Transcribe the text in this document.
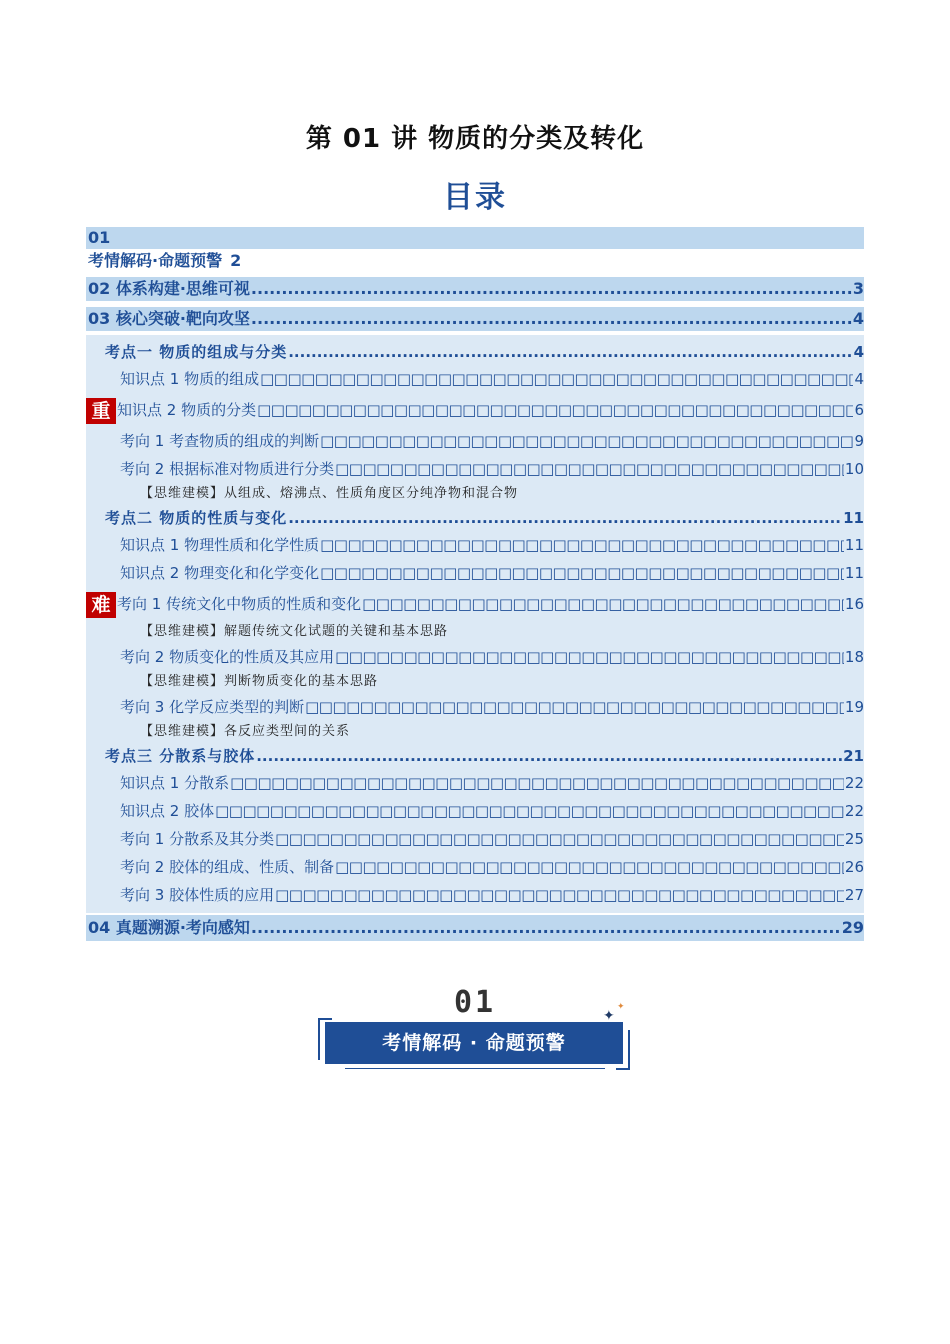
第 01 讲 物质的分类及转化
目录
01
考情解码·命题预警 2
02 体系构建·思维可视 .....	3
03 核心突破·靶向攻坚 .....	4
考点一 物质的组成与分类 .....	4
知识点 1 物质的组成 □□□□□□□□□□□□□□□□□□□□□□□□□□□□□□□□□□□□□□□□□□□□□□□□□□□□□□□□□□□□□□□□□□□□□□□□□□□□□□□□□□□□□□□□□□□□□□□□□□□□□□□□□□□□□□□□□□□□□□□□□□□□□□□□□□□□□□□□□□□□□□□□□□□□□□□□□□□□□□□□□□□□□□□□□□□□□□□□□□□□□□□□□□□□□□□□□□□□	4
重 知识点 2 物质的分类 □□□□□□□□□□□□□□□□□□□□□□□□□□□□□□□□□□□□□□□□□□□□□□□□□□□□□□□□□□□□□□□□□□□□□□□□□□□□□□□□□□□□□□□□□□□□□□□□□□□□□□□□□□□□□□□□□□□□□□□□□□□□□□□□□□□□□□□□□□□□□□□□□□□□□□□□□□□□□□□□□□□□□□□□□□□□□□□□□□□□□□□□□□□□□□□□□□□□	6
考向 1 考查物质的组成的判断 □□□□□□□□□□□□□□□□□□□□□□□□□□□□□□□□□□□□□□□□□□□□□□□□□□□□□□□□□□□□□□□□□□□□□□□□□□□□□□□□□□□□□□□□□□□□□□□□□□□□□□□□□□□□□□□□□□□□□□□□□□□□□□□□□□□□□□□□□□□□□□□□□□□□□□□□□□□□□□□□□□□□□□□□□□□□□□□□□□□□□□□□□□□□□□□□□□□□	9
考向 2 根据标准对物质进行分类 □□□□□□□□□□□□□□□□□□□□□□□□□□□□□□□□□□□□□□□□□□□□□□□□□□□□□□□□□□□□□□□□□□□□□□□□□□□□□□□□□□□□□□□□□□□□□□□□□□□□□□□□□□□□□□□□□□□□□□□□□□□□□□□□□□□□□□□□□□□□□□□□□□□□□□□□□□□□□□□□□□□□□□□□□□□□□□□□□□□□□□□□□□□□□□□□□□□□	10
【思维建模】从组成、熔沸点、性质角度区分纯净物和混合物
考点二 物质的性质与变化 .....	11
知识点 1 物理性质和化学性质 □□□□□□□□□□□□□□□□□□□□□□□□□□□□□□□□□□□□□□□□□□□□□□□□□□□□□□□□□□□□□□□□□□□□□□□□□□□□□□□□□□□□□□□□□□□□□□□□□□□□□□□□□□□□□□□□□□□□□□□□□□□□□□□□□□□□□□□□□□□□□□□□□□□□□□□□□□□□□□□□□□□□□□□□□□□□□□□□□□□□□□□□□□□□□□□□□□□□	11
知识点 2 物理变化和化学变化 □□□□□□□□□□□□□□□□□□□□□□□□□□□□□□□□□□□□□□□□□□□□□□□□□□□□□□□□□□□□□□□□□□□□□□□□□□□□□□□□□□□□□□□□□□□□□□□□□□□□□□□□□□□□□□□□□□□□□□□□□□□□□□□□□□□□□□□□□□□□□□□□□□□□□□□□□□□□□□□□□□□□□□□□□□□□□□□□□□□□□□□□□□□□□□□□□□□□	11
难 考向 1 传统文化中物质的性质和变化 □□□□□□□□□□□□□□□□□□□□□□□□□□□□□□□□□□□□□□□□□□□□□□□□□□□□□□□□□□□□□□□□□□□□□□□□□□□□□□□□□□□□□□□□□□□□□□□□□□□□□□□□□□□□□□□□□□□□□□□□□□□□□□□□□□□□□□□□□□□□□□□□□□□□□□□□□□□□□□□□□□□□□□□□□□□□□□□□□□□□□□□□□□□□□□□□□□□□	16
【思维建模】解题传统文化试题的关键和基本思路
考向 2 物质变化的性质及其应用 □□□□□□□□□□□□□□□□□□□□□□□□□□□□□□□□□□□□□□□□□□□□□□□□□□□□□□□□□□□□□□□□□□□□□□□□□□□□□□□□□□□□□□□□□□□□□□□□□□□□□□□□□□□□□□□□□□□□□□□□□□□□□□□□□□□□□□□□□□□□□□□□□□□□□□□□□□□□□□□□□□□□□□□□□□□□□□□□□□□□□□□□□□□□□□□□□□□□	18
【思维建模】判断物质变化的基本思路
考向 3 化学反应类型的判断 □□□□□□□□□□□□□□□□□□□□□□□□□□□□□□□□□□□□□□□□□□□□□□□□□□□□□□□□□□□□□□□□□□□□□□□□□□□□□□□□□□□□□□□□□□□□□□□□□□□□□□□□□□□□□□□□□□□□□□□□□□□□□□□□□□□□□□□□□□□□□□□□□□□□□□□□□□□□□□□□□□□□□□□□□□□□□□□□□□□□□□□□□□□□□□□□□□□□	19
【思维建模】各反应类型间的关系
考点三 分散系与胶体 .....	21
知识点 1 分散系 □□□□□□□□□□□□□□□□□□□□□□□□□□□□□□□□□□□□□□□□□□□□□□□□□□□□□□□□□□□□□□□□□□□□□□□□□□□□□□□□□□□□□□□□□□□□□□□□□□□□□□□□□□□□□□□□□□□□□□□□□□□□□□□□□□□□□□□□□□□□□□□□□□□□□□□□□□□□□□□□□□□□□□□□□□□□□□□□□□□□□□□□□□□□□□□□□□□□	22
知识点 2 胶体 □□□□□□□□□□□□□□□□□□□□□□□□□□□□□□□□□□□□□□□□□□□□□□□□□□□□□□□□□□□□□□□□□□□□□□□□□□□□□□□□□□□□□□□□□□□□□□□□□□□□□□□□□□□□□□□□□□□□□□□□□□□□□□□□□□□□□□□□□□□□□□□□□□□□□□□□□□□□□□□□□□□□□□□□□□□□□□□□□□□□□□□□□□□□□□□□□□□□	22
考向 1 分散系及其分类 □□□□□□□□□□□□□□□□□□□□□□□□□□□□□□□□□□□□□□□□□□□□□□□□□□□□□□□□□□□□□□□□□□□□□□□□□□□□□□□□□□□□□□□□□□□□□□□□□□□□□□□□□□□□□□□□□□□□□□□□□□□□□□□□□□□□□□□□□□□□□□□□□□□□□□□□□□□□□□□□□□□□□□□□□□□□□□□□□□□□□□□□□□□□□□□□□□□□	25
考向 2 胶体的组成、性质、制备 □□□□□□□□□□□□□□□□□□□□□□□□□□□□□□□□□□□□□□□□□□□□□□□□□□□□□□□□□□□□□□□□□□□□□□□□□□□□□□□□□□□□□□□□□□□□□□□□□□□□□□□□□□□□□□□□□□□□□□□□□□□□□□□□□□□□□□□□□□□□□□□□□□□□□□□□□□□□□□□□□□□□□□□□□□□□□□□□□□□□□□□□□□□□□□□□□□□□	26
考向 3 胶体性质的应用 □□□□□□□□□□□□□□□□□□□□□□□□□□□□□□□□□□□□□□□□□□□□□□□□□□□□□□□□□□□□□□□□□□□□□□□□□□□□□□□□□□□□□□□□□□□□□□□□□□□□□□□□□□□□□□□□□□□□□□□□□□□□□□□□□□□□□□□□□□□□□□□□□□□□□□□□□□□□□□□□□□□□□□□□□□□□□□□□□□□□□□□□□□□□□□□□□□□□	27
04 真题溯源·考向感知 .....	29
01
考情解码 · 命题预警
✦
✦
